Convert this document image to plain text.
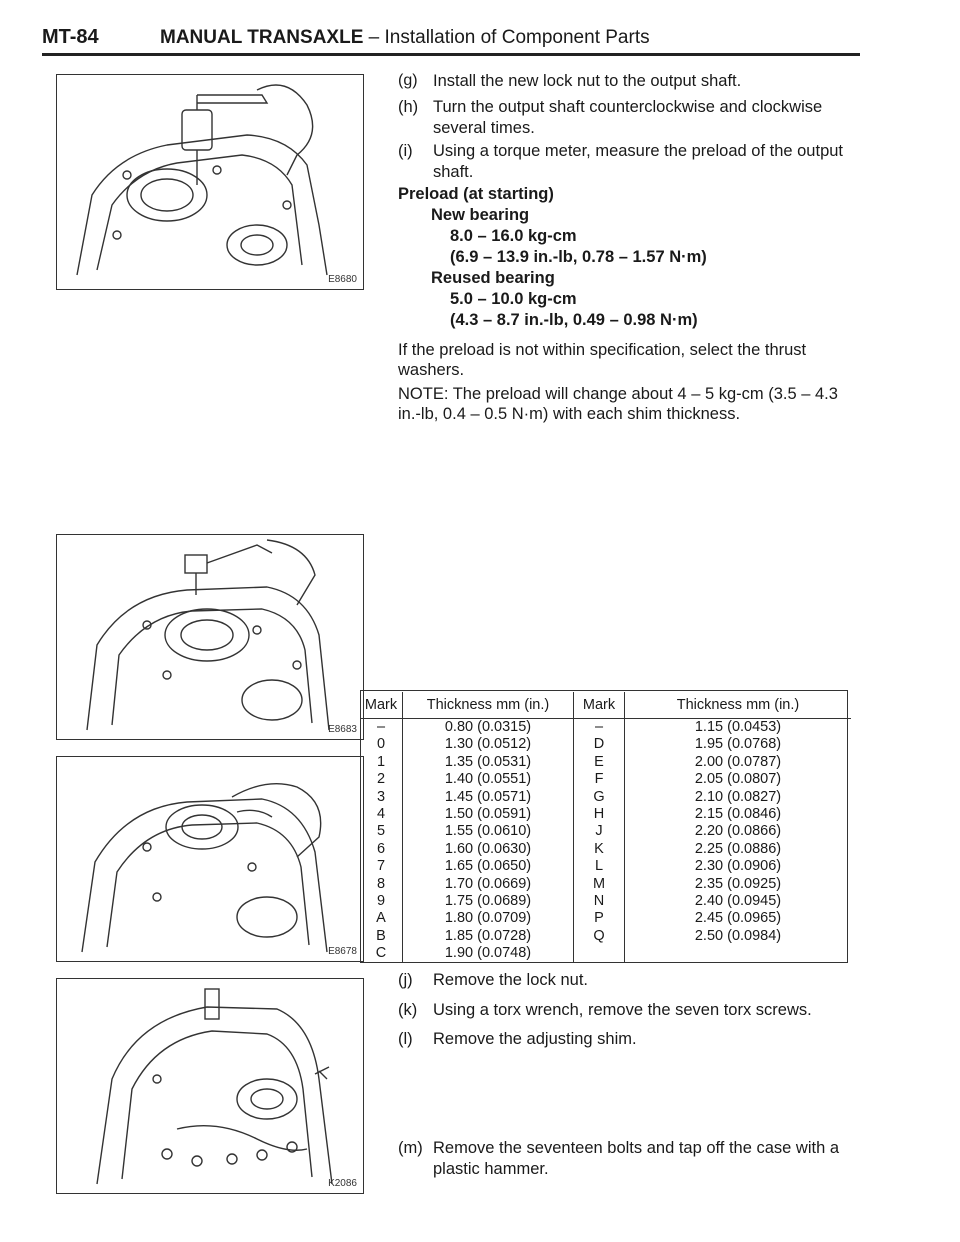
MT-84	MANUAL TRANSAXLE – Installation of Component Parts
E8680
E8683
E8678
K2086
(g) Install the new lock nut to the output shaft.
(h) Turn the output shaft counterclockwise and clockwise several times.
(i)	Using a torque meter, measure the preload of the output shaft.
Preload (at starting)
New bearing
8.0 – 16.0 kg-cm
(6.9 – 13.9 in.-lb, 0.78 – 1.57 N·m)
Reused bearing
5.0 – 10.0 kg-cm
(4.3 – 8.7 in.-lb, 0.49 – 0.98 N·m)
If the preload is not within specification, select the thrust washers.
NOTE: The preload will change about 4 – 5 kg-cm (3.5 – 4.3 in.-lb, 0.4 – 0.5 N·m) with each shim thickness.
Mark	Thickness mm (in.)	Mark	Thickness mm (in.)
–	0.80 (0.0315)	–	1.15 (0.0453)
0	1.30 (0.0512)	D	1.95 (0.0768)
1	1.35 (0.0531)	E	2.00 (0.0787)
2	1.40 (0.0551)	F	2.05 (0.0807)
3	1.45 (0.0571)	G	2.10 (0.0827)
4	1.50 (0.0591)	H	2.15 (0.0846)
5	1.55 (0.0610)	J	2.20 (0.0866)
6	1.60 (0.0630)	K	2.25 (0.0886)
7	1.65 (0.0650)	L	2.30 (0.0906)
8	1.70 (0.0669)	M	2.35 (0.0925)
9	1.75 (0.0689)	N	2.40 (0.0945)
A	1.80 (0.0709)	P	2.45 (0.0965)
B	1.85 (0.0728)	Q	2.50 (0.0984)
C	1.90 (0.0748)		
(j)	Remove the lock nut.
(k) Using a torx wrench, remove the seven torx screws.
(l)	Remove the adjusting shim.
(m) Remove the seventeen bolts and tap off the case with a plastic hammer.
